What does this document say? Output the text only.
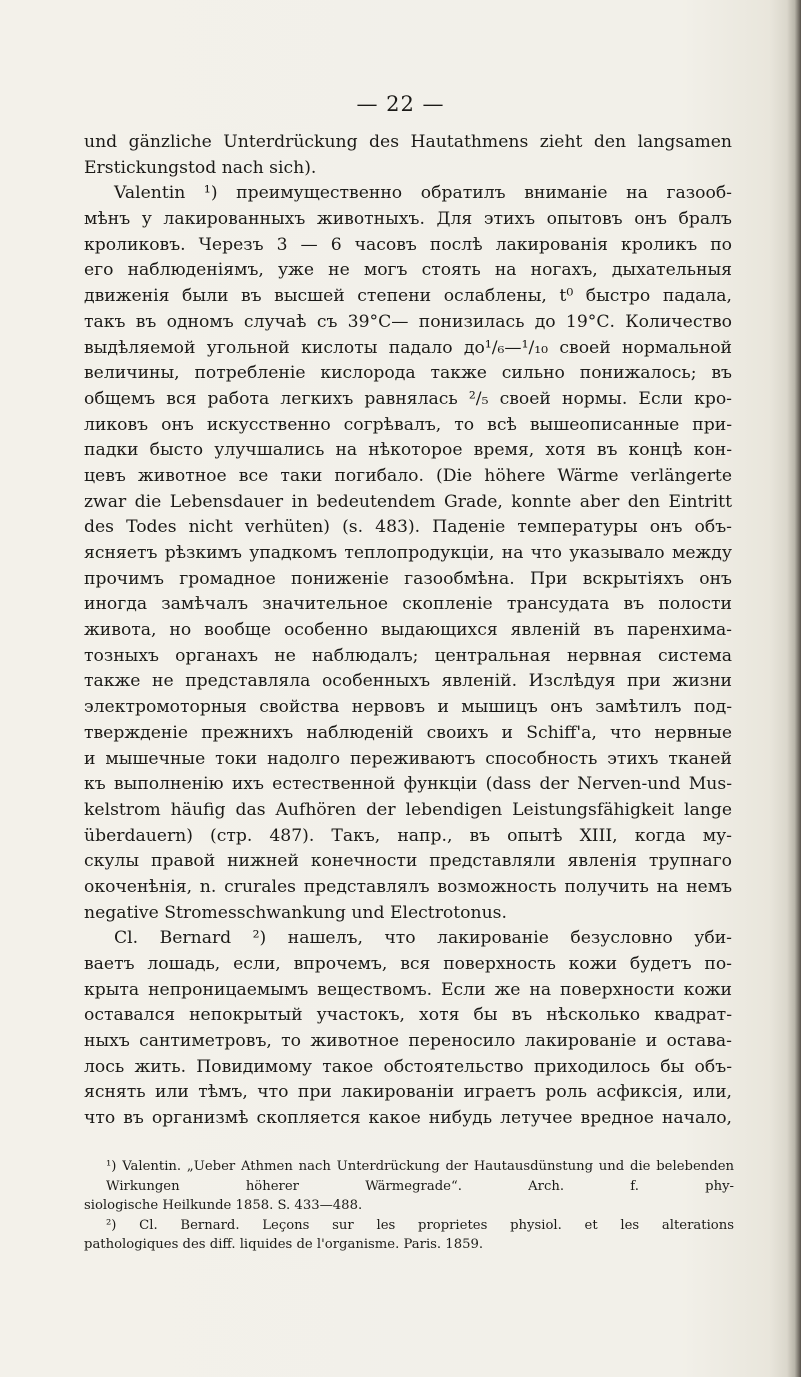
— 22 —
und gänzliche Unterdrückung des Hautathmens zieht den langsamen
Erstickungstod nach sich).
Valentin ¹) преимущественно обратилъ вниманіе на газооб-
мѣнъ у лакированныхъ животныхъ. Для этихъ опытовъ онъ бралъ
кроликовъ. Черезъ 3 — 6 часовъ послѣ лакированія кроликъ по
его наблюденіямъ, уже не могъ стоять на ногахъ, дыхательныя
движенія были въ высшей степени ослаблены, t⁰ быстро падала,
такъ въ одномъ случаѣ съ 39°С— понизилась до 19°С. Количество
выдѣляемой угольной кислоты падало до¹/₆—¹/₁₀ своей нормальной
величины, потребленіе кислорода также сильно понижалось; въ
общемъ вся работа легкихъ равнялась ²/₅ своей нормы. Если кро-
ликовъ онъ искусственно согрѣвалъ, то всѣ вышеописанные при-
падки бысто улучшались на нѣкоторое время, хотя въ концѣ кон-
цевъ животное все таки погибало. (Die höhere Wärme verlängerte
zwar die Lebensdauer in bedeutendem Grade, konnte aber den Eintritt
des Todes nicht verhüten) (s. 483). Паденіе температуры онъ объ-
ясняетъ рѣзкимъ упадкомъ теплопродукціи, на что указывало между
прочимъ громадное пониженіе газообмѣна. При вскрытіяхъ онъ
иногда замѣчалъ значительное скопленіе трансудата въ полости
живота, но вообще особенно выдающихся явленій въ паренхима-
тозныхъ органахъ не наблюдалъ; центральная нервная система
также не представляла особенныхъ явленій. Изслѣдуя при жизни
электромоторныя свойства нервовъ и мышицъ онъ замѣтилъ под-
твержденіе прежнихъ наблюденій своихъ и Schiff'a, что нервные
и мышечные токи надолго переживаютъ способность этихъ тканей
къ выполненію ихъ естественной функціи (dass der Nerven-und Mus-
kelstrom häufig das Aufhören der lebendigen Leistungsfähigkeit lange
überdauern) (стр. 487). Такъ, напр., въ опытѣ XIII, когда му-
скулы правой нижней конечности представляли явленія трупнаго
окоченѣнія, n. crurales представлялъ возможность получить на немъ
negative Stromesschwankung und Electrotonus.
Cl. Bernard ²) нашелъ, что лакированіе безусловно уби-
ваетъ лошадь, если, впрочемъ, вся поверхность кожи будетъ по-
крыта непроницаемымъ веществомъ. Если же на поверхности кожи
оставался непокрытый участокъ, хотя бы въ нѣсколько квадрат-
ныхъ сантиметровъ, то животное переносило лакированіе и остава-
лось жить. Повидимому такое обстоятельство приходилось бы объ-
яснять или тѣмъ, что при лакированіи играетъ роль асфиксія, или,
что въ организмѣ скопляется какое нибудь летучее вредное начало,
¹) Valentin. „Ueber Athmen nach Unterdrückung der Hautausdünstung und die belebenden Wirkungen höherer Wärmegrade“. Arch. f. phy-
siologische Heilkunde 1858. S. 433—488.
²) Cl. Bernard. Leçons sur les proprietes physiol. et les alterations
pathologiques des diff. liquides de l'organisme. Paris. 1859.
